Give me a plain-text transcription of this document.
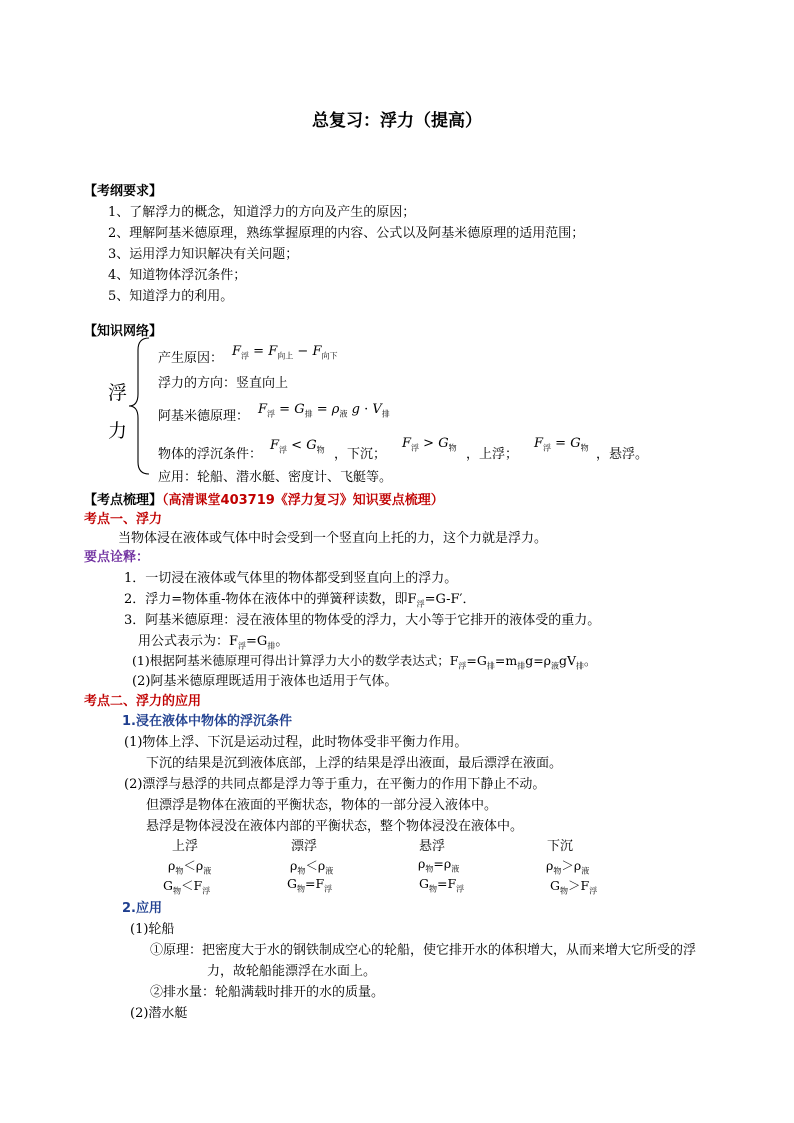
总复习：浮力（提高）
【考纲要求】
1、了解浮力的概念，知道浮力的方向及产生的原因；
2、理解阿基米德原理，熟练掌握原理的内容、公式以及阿基米德原理的适用范围；
3、运用浮力知识解决有关问题；
4、知道物体浮沉条件；
5、知道浮力的利用。
【知识网络】
浮
力
产生原因： $F_浮 = F_{向上} - F_{向下}$
浮力的方向：竖直向上
阿基米德原理： $F_浮 = G_排 = \rho_液$ $g \cdot V_排$
物体的浮沉条件：
$F_浮 < G_物$ ，下沉；
$F_浮 > G_物$ ，上浮；
$F_浮 = G_物$ ，悬浮。
应用：轮船、潜水艇、密度计、飞艇等。
【考点梳理】（高清课堂403719《浮力复习》知识要点梳理）
考点一、浮力
当物体浸在液体或气体中时会受到一个竖直向上托的力，这个力就是浮力。
要点诠释：
1．一切浸在液体或气体里的物体都受到竖直向上的浮力。
2．浮力=物体重-物体在液体中的弹簧秤读数，即$F_浮=G-F'$．
3．阿基米德原理：浸在液体里的物体受的浮力，大小等于它排开的液体受的重力。
用公式表示为：$F_浮=G_排$。
(1)根据阿基米德原理可得出计算浮力大小的数学表达式；$F_浮=G_排=m_排g=\rho_液gV_排$。
(2)阿基米德原理既适用于液体也适用于气体。
考点二、浮力的应用
1.浸在液体中物体的浮沉条件
(1)物体上浮、下沉是运动过程，此时物体受非平衡力作用。
下沉的结果是沉到液体底部，上浮的结果是浮出液面，最后漂浮在液面。
(2)漂浮与悬浮的共同点都是浮力等于重力，在平衡力的作用下静止不动。
但漂浮是物体在液面的平衡状态，物体的一部分浸入液体中。
悬浮是物体浸没在液体内部的平衡状态，整个物体浸没在液体中。
上浮	漂浮	悬浮	下沉
$\rho_物<\rho_液$	$\rho_物<\rho_液$	$\rho_物=\rho_液$	$\rho_物>\rho_液$
$G_物<F_浮$	$G_物=F_浮$	$G_物=F_浮$	$G_物>F_浮$
2.应用
(1)轮船
①原理：把密度大于水的钢铁制成空心的轮船，使它排开水的体积增大，从而来增大它所受的浮
力，故轮船能漂浮在水面上。
②排水量：轮船满载时排开的水的质量。
(2)潜水艇
